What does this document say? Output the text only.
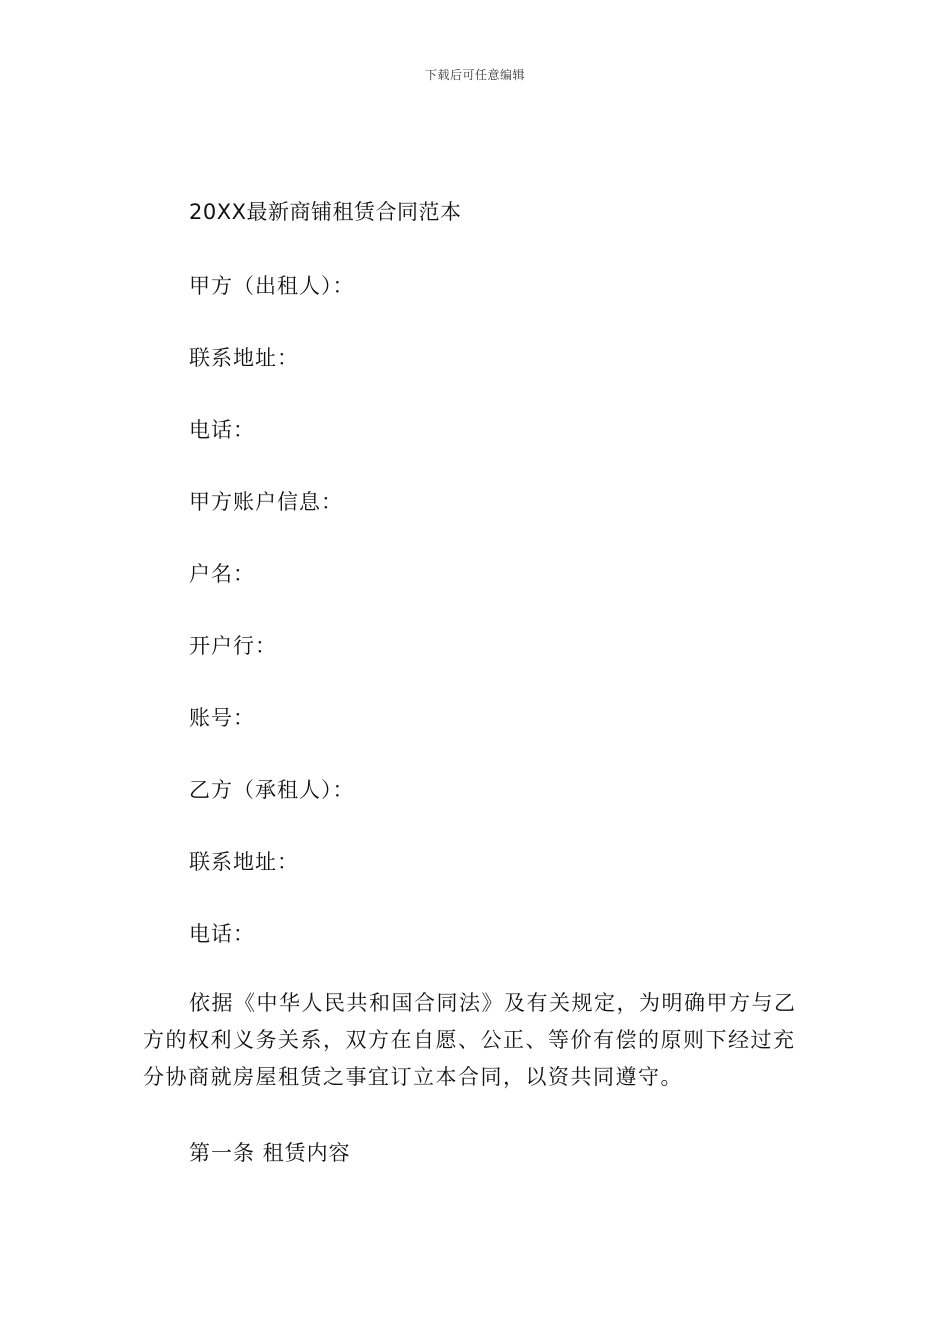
下载后可任意编辑
20XX最新商铺租赁合同范本
甲方（出租人）：
联系地址：
电话：
甲方账户信息：
户名：
开户行：
账号：
乙方（承租人）：
联系地址：
电话：

依据《中华人民共和国合同法》及有关规定，为明确甲方与乙方的权利义务关系，双方在自愿、公正、等价有偿的原则下经过充分协商就房屋租赁之事宜订立本合同，以资共同遵守。

第一条 租赁内容
